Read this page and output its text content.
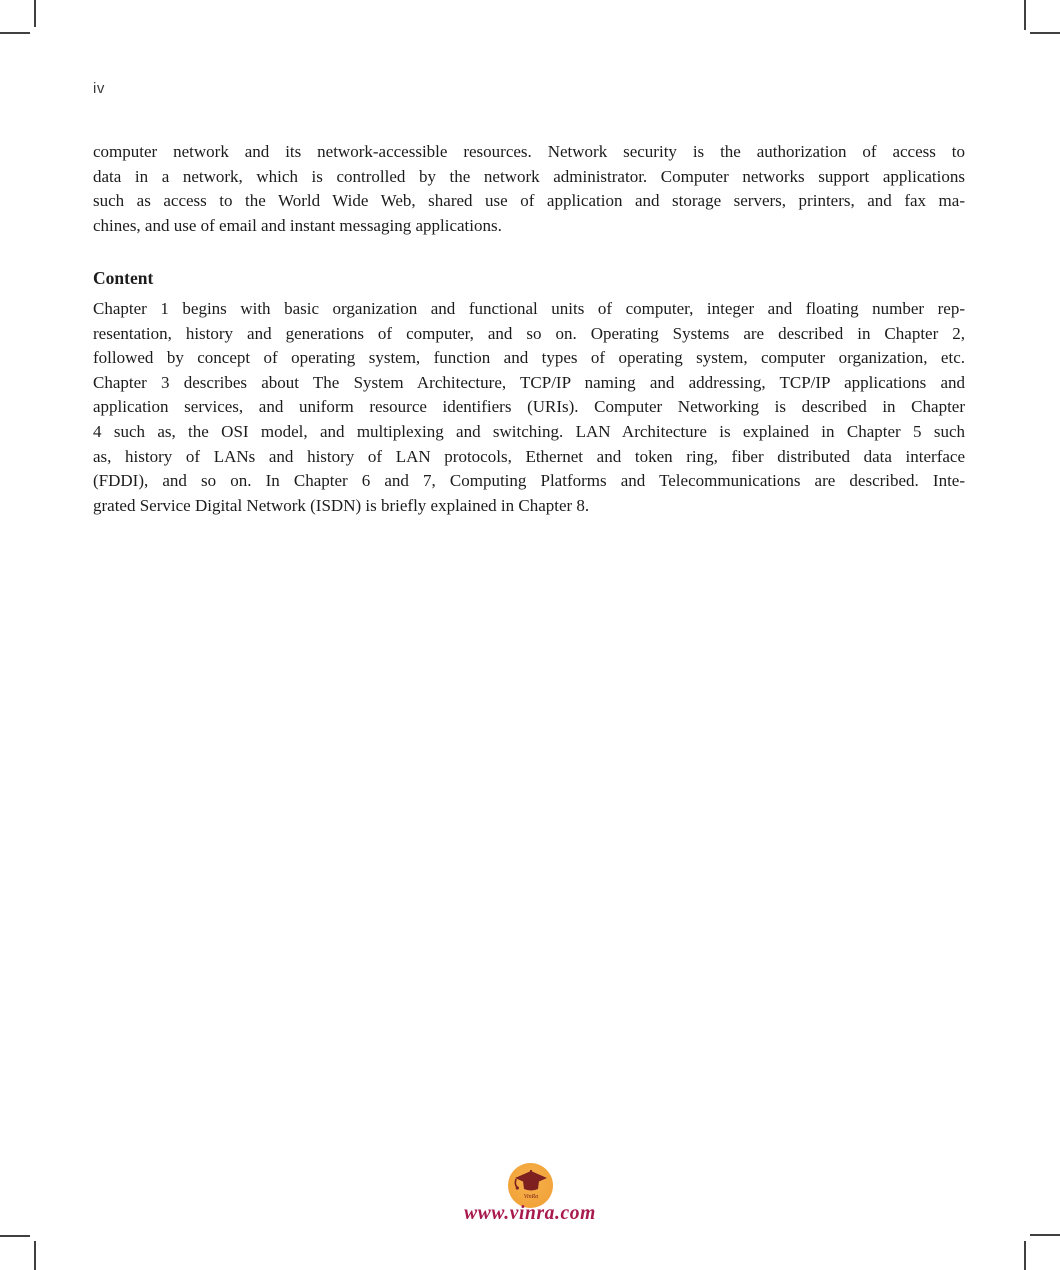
iv
computer network and its network-accessible resources. Network security is the authorization of access to
data in a network, which is controlled by the network administrator. Computer networks support applications
such as access to the World Wide Web, shared use of application and storage servers, printers, and fax ma-
chines, and use of email and instant messaging applications.
Content
Chapter 1 begins with basic organization and functional units of computer, integer and floating number rep-
resentation, history and generations of computer, and so on. Operating Systems are described in Chapter 2,
followed by concept of operating system, function and types of operating system, computer organization, etc.
Chapter 3 describes about The System Architecture, TCP/IP naming and addressing, TCP/IP applications and
application services, and uniform resource identifiers (URIs). Computer Networking is described in Chapter
4 such as, the OSI model, and multiplexing and switching. LAN Architecture is explained in Chapter 5 such
as, history of LANs and history of LAN protocols, Ethernet and token ring, fiber distributed data interface
(FDDI), and so on. In Chapter 6 and 7, Computing Platforms and Telecommunications are described. Inte-
grated Service Digital Network (ISDN) is briefly explained in Chapter 8.
VinRa
www.vinra.com
